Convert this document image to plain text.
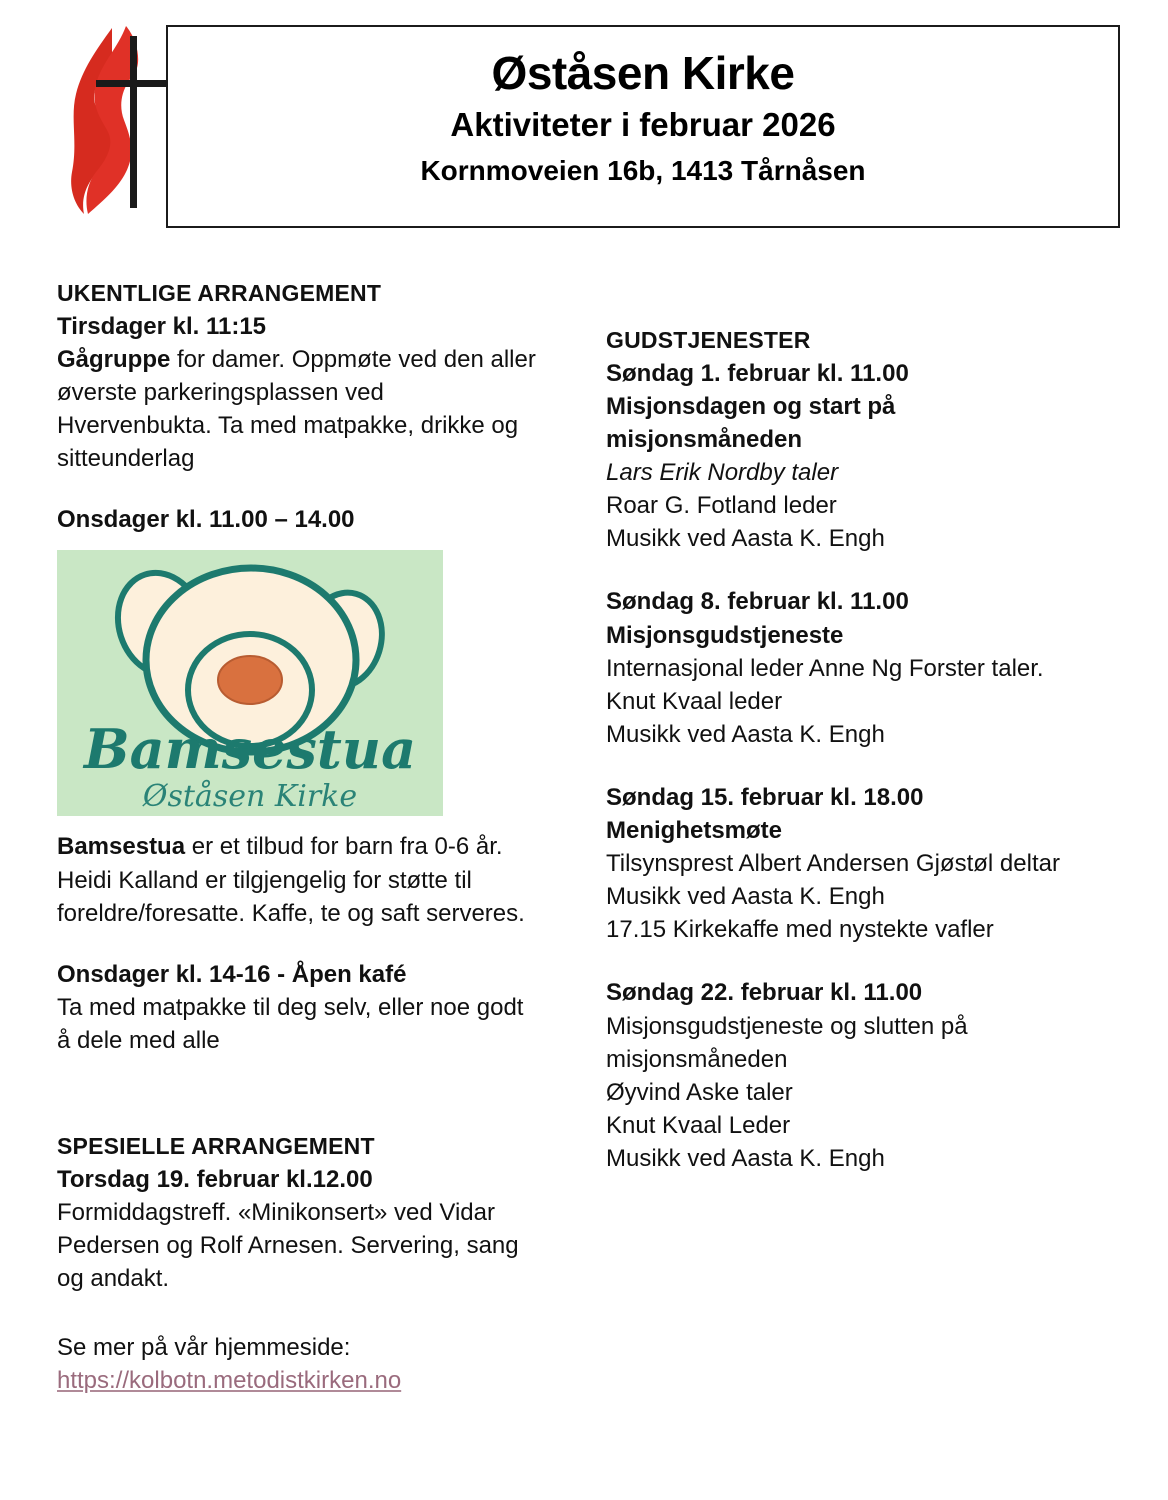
Øståsen Kirke
Aktiviteter i februar 2026
Kornmoveien 16b, 1413 Tårnåsen
UKENTLIGE ARRANGEMENT
Tirsdager kl. 11:15

Gågruppe for damer. Oppmøte ved den aller øverste parkeringsplassen ved Hvervenbukta. Ta med matpakke, drikke og sitteunderlag

Onsdager kl. 11.00 – 14.00
Bamsestua
Øståsen Kirke

Bamsestua er et tilbud for barn fra 0-6 år. Heidi Kalland er tilgjengelig for støtte til foreldre/foresatte. Kaffe, te og saft serveres.

Onsdager kl. 14-16 - Åpen kafé

Ta med matpakke til deg selv, eller noe godt å dele med alle

SPESIELLE ARRANGEMENT
Torsdag 19. februar kl.12.00

Formiddagstreff. «Minikonsert» ved Vidar Pedersen og Rolf Arnesen. Servering, sang og andakt.

Se mer på vår hjemmeside:

https://kolbotn.metodistkirken.no
GUDSTJENESTER
Søndag 1. februar kl. 11.00
Misjonsdagen og start på misjonsmåneden
Lars Erik Nordby taler
Roar G. Fotland leder
Musikk ved Aasta K. Engh
Søndag 8. februar kl. 11.00
Misjonsgudstjeneste
Internasjonal leder Anne Ng Forster taler.
Knut Kvaal leder
Musikk ved Aasta K. Engh
Søndag 15. februar kl. 18.00
Menighetsmøte
Tilsynsprest Albert Andersen Gjøstøl deltar
Musikk ved Aasta K. Engh
17.15 Kirkekaffe med nystekte vafler
Søndag 22. februar kl. 11.00
Misjonsgudstjeneste og slutten på misjonsmåneden
Øyvind Aske taler
Knut Kvaal Leder
Musikk ved Aasta K. Engh
